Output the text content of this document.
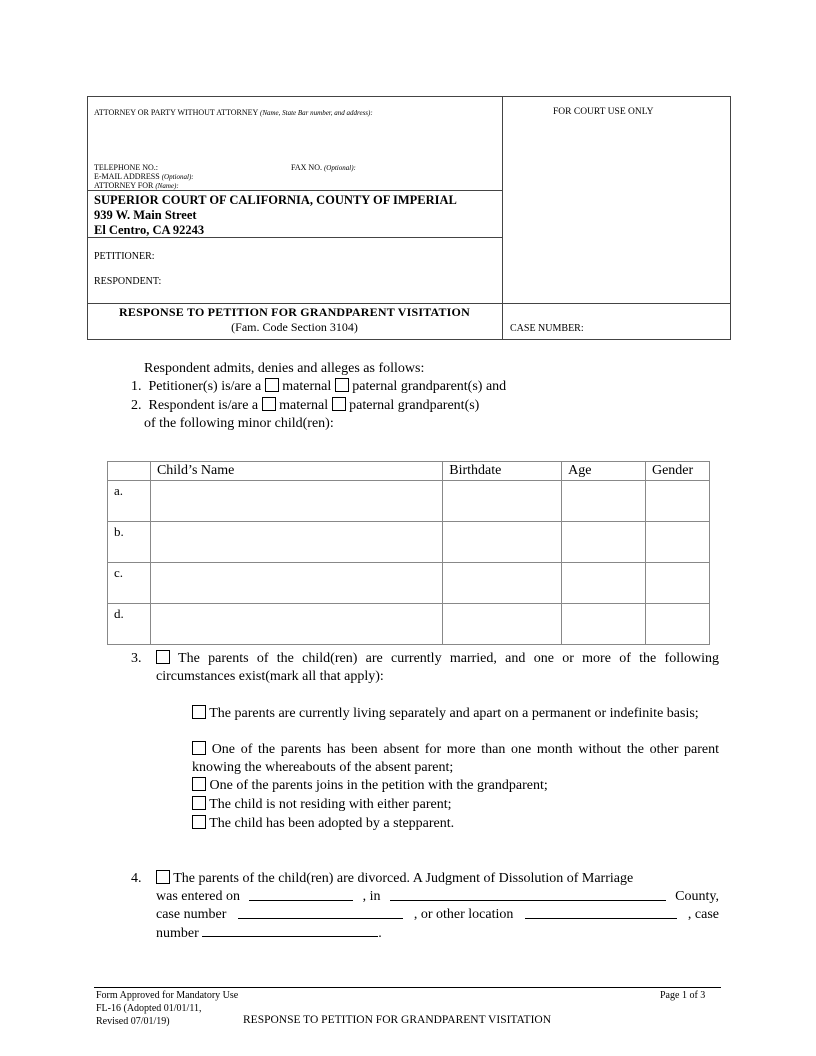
ATTORNEY OR PARTY WITHOUT ATTORNEY (Name, State Bar number, and address):	FOR COURT USE ONLY
TELEPHONE NO.:	FAX NO. (Optional):
E-MAIL ADDRESS (Optional):
ATTORNEY FOR (Name):
SUPERIOR COURT OF CALIFORNIA, COUNTY OF IMPERIAL
939 W. Main Street
El Centro, CA 92243
PETITIONER:
RESPONDENT:
RESPONSE TO PETITION FOR GRANDPARENT VISITATION
(Fam. Code Section 3104)	CASE NUMBER:
Respondent admits, denies and alleges as follows:
1. Petitioner(s) is/are a maternal paternal grandparent(s) and
2. Respondent is/are a maternal paternal grandparent(s)
of the following minor child(ren):
	Child’s Name	Birthdate	Age	Gender
a.				
b.				
c.				
d.				
3.	The parents of the child(ren) are currently married, and one or more of the following circumstances exist(mark all that apply):
The parents are currently living separately and apart on a permanent or indefinite basis;
One of the parents has been absent for more than one month without the other parent knowing the whereabouts of the absent parent;
One of the parents joins in the petition with the grandparent;
The child is not residing with either parent;
The child has been adopted by a stepparent.
4.	The parents of the child(ren) are divorced. A Judgment of Dissolution of Marriage
was entered on	, in	County,
case number	, or other location	, case
number	.
Form Approved for Mandatory Use
FL-16 (Adopted 01/01/11,
Revised 07/01/19)	RESPONSE TO PETITION FOR GRANDPARENT VISITATION
Page 1 of 3
